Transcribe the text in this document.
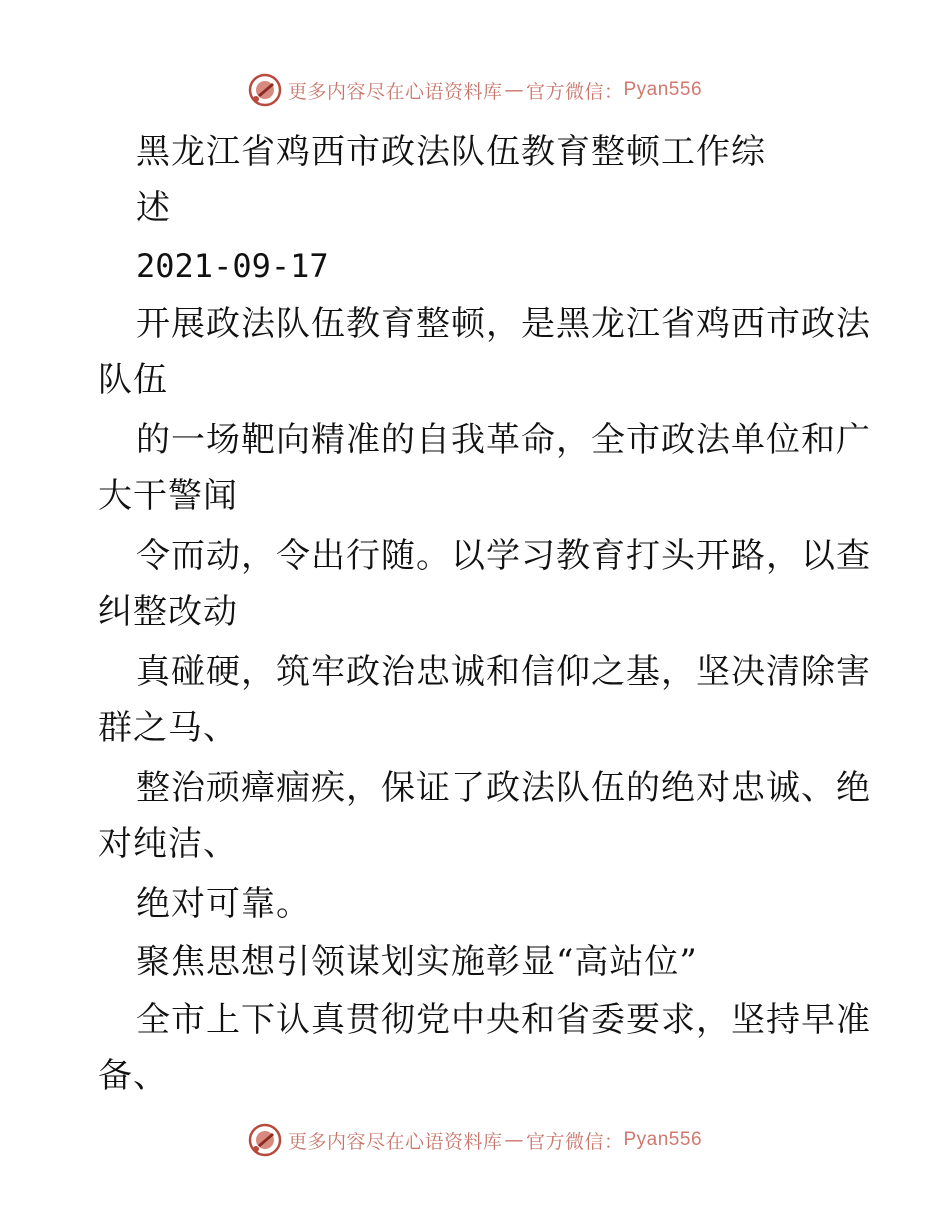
更多内容尽在心语资料库 — 官方微信： Pyan556
黑龙江省鸡西市政法队伍教育整顿工作综
述
2021-09-17
开展政法队伍教育整顿，是黑龙江省鸡西市政法
队伍
的一场靶向精准的自我革命，全市政法单位和广
大干警闻
令而动，令出行随。以学习教育打头开路，以查
纠整改动
真碰硬，筑牢政治忠诚和信仰之基，坚决清除害
群之马、
整治顽瘴痼疾，保证了政法队伍的绝对忠诚、绝
对纯洁、
绝对可靠。
聚焦思想引领谋划实施彰显“高站位”
全市上下认真贯彻党中央和省委要求，坚持早准
备、
更多内容尽在心语资料库 — 官方微信： Pyan556
